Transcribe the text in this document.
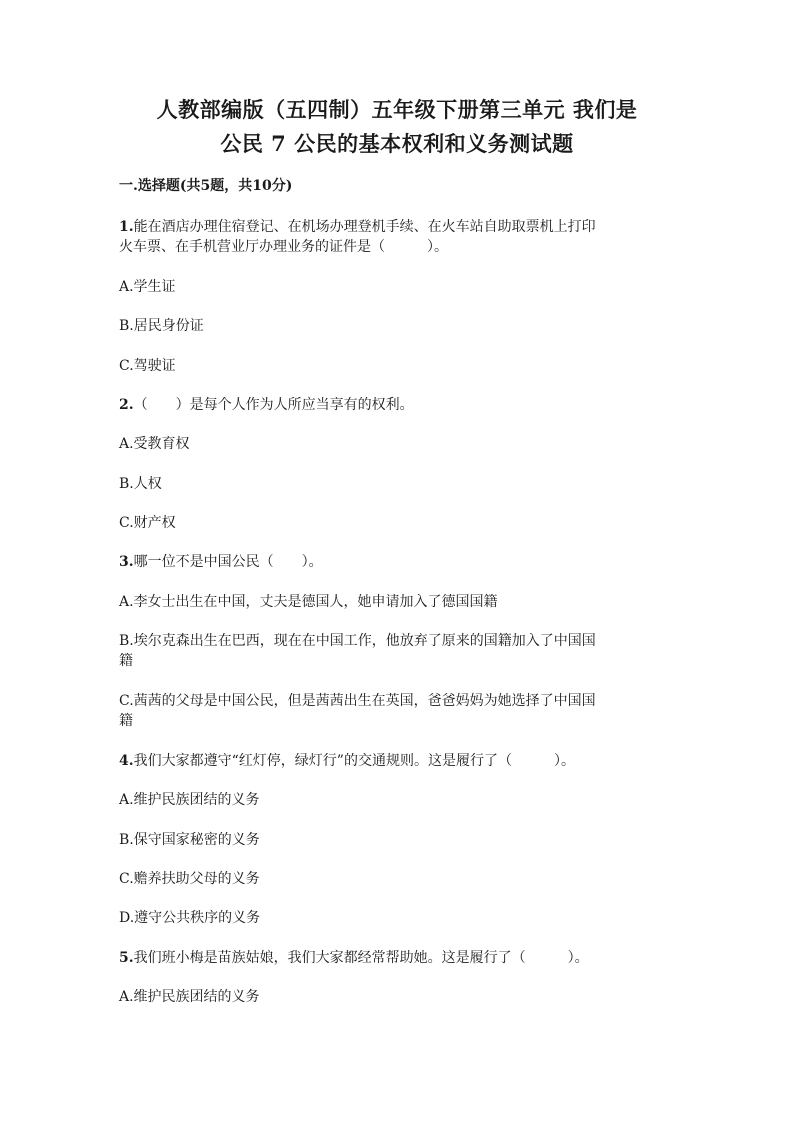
人教部编版（五四制）五年级下册第三单元 我们是
公民 7 公民的基本权利和义务测试题
一.选择题(共5题，共10分)
1.能在酒店办理住宿登记、在机场办理登机手续、在火车站自助取票机上打印
火车票、在手机营业厅办理业务的证件是（　　　）。
A.学生证
B.居民身份证
C.驾驶证
2.（　　）是每个人作为人所应当享有的权利。
A.受教育权
B.人权
C.财产权
3.哪一位不是中国公民（　　）。
A.李女士出生在中国，丈夫是德国人，她申请加入了德国国籍
B.埃尔克森出生在巴西，现在在中国工作，他放弃了原来的国籍加入了中国国
籍
C.茜茜的父母是中国公民，但是茜茜出生在英国，爸爸妈妈为她选择了中国国
籍
4.我们大家都遵守“红灯停，绿灯行”的交通规则。这是履行了（　　　）。
A.维护民族团结的义务
B.保守国家秘密的义务
C.赡养扶助父母的义务
D.遵守公共秩序的义务
5.我们班小梅是苗族姑娘，我们大家都经常帮助她。这是履行了（　　　）。
A.维护民族团结的义务
